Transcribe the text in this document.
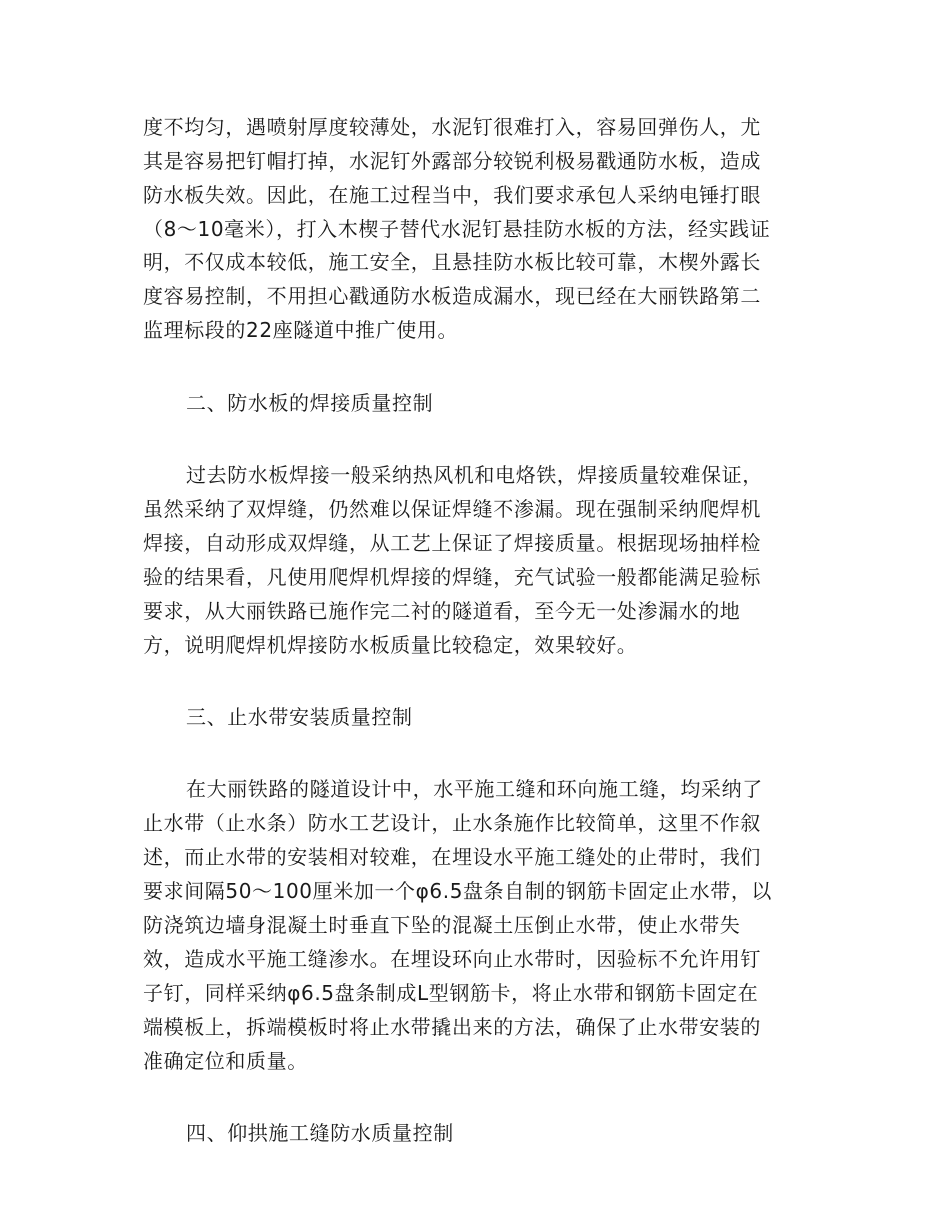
度不均匀，遇喷射厚度较薄处，水泥钉很难打入，容易回弹伤人，尤
其是容易把钉帽打掉，水泥钉外露部分较锐利极易戳通防水板，造成
防水板失效。因此，在施工过程当中，我们要求承包人采纳电锤打眼
（8～10毫米），打入木楔子替代水泥钉悬挂防水板的方法，经实践证
明，不仅成本较低，施工安全，且悬挂防水板比较可靠，木楔外露长
度容易控制，不用担心戳通防水板造成漏水，现已经在大丽铁路第二
监理标段的22座隧道中推广使用。
二、防水板的焊接质量控制
过去防水板焊接一般采纳热风机和电烙铁，焊接质量较难保证，
虽然采纳了双焊缝，仍然难以保证焊缝不渗漏。现在强制采纳爬焊机
焊接，自动形成双焊缝，从工艺上保证了焊接质量。根据现场抽样检
验的结果看，凡使用爬焊机焊接的焊缝，充气试验一般都能满足验标
要求，从大丽铁路已施作完二衬的隧道看，至今无一处渗漏水的地
方，说明爬焊机焊接防水板质量比较稳定，效果较好。
三、止水带安装质量控制
在大丽铁路的隧道设计中，水平施工缝和环向施工缝，均采纳了
止水带（止水条）防水工艺设计，止水条施作比较简单，这里不作叙
述，而止水带的安装相对较难，在埋设水平施工缝处的止带时，我们
要求间隔50～100厘米加一个φ6.5盘条自制的钢筋卡固定止水带，以
防浇筑边墙身混凝土时垂直下坠的混凝土压倒止水带，使止水带失
效，造成水平施工缝渗水。在埋设环向止水带时，因验标不允许用钉
子钉，同样采纳φ6.5盘条制成L型钢筋卡，将止水带和钢筋卡固定在
端模板上，拆端模板时将止水带撬出来的方法，确保了止水带安装的
准确定位和质量。
四、仰拱施工缝防水质量控制
